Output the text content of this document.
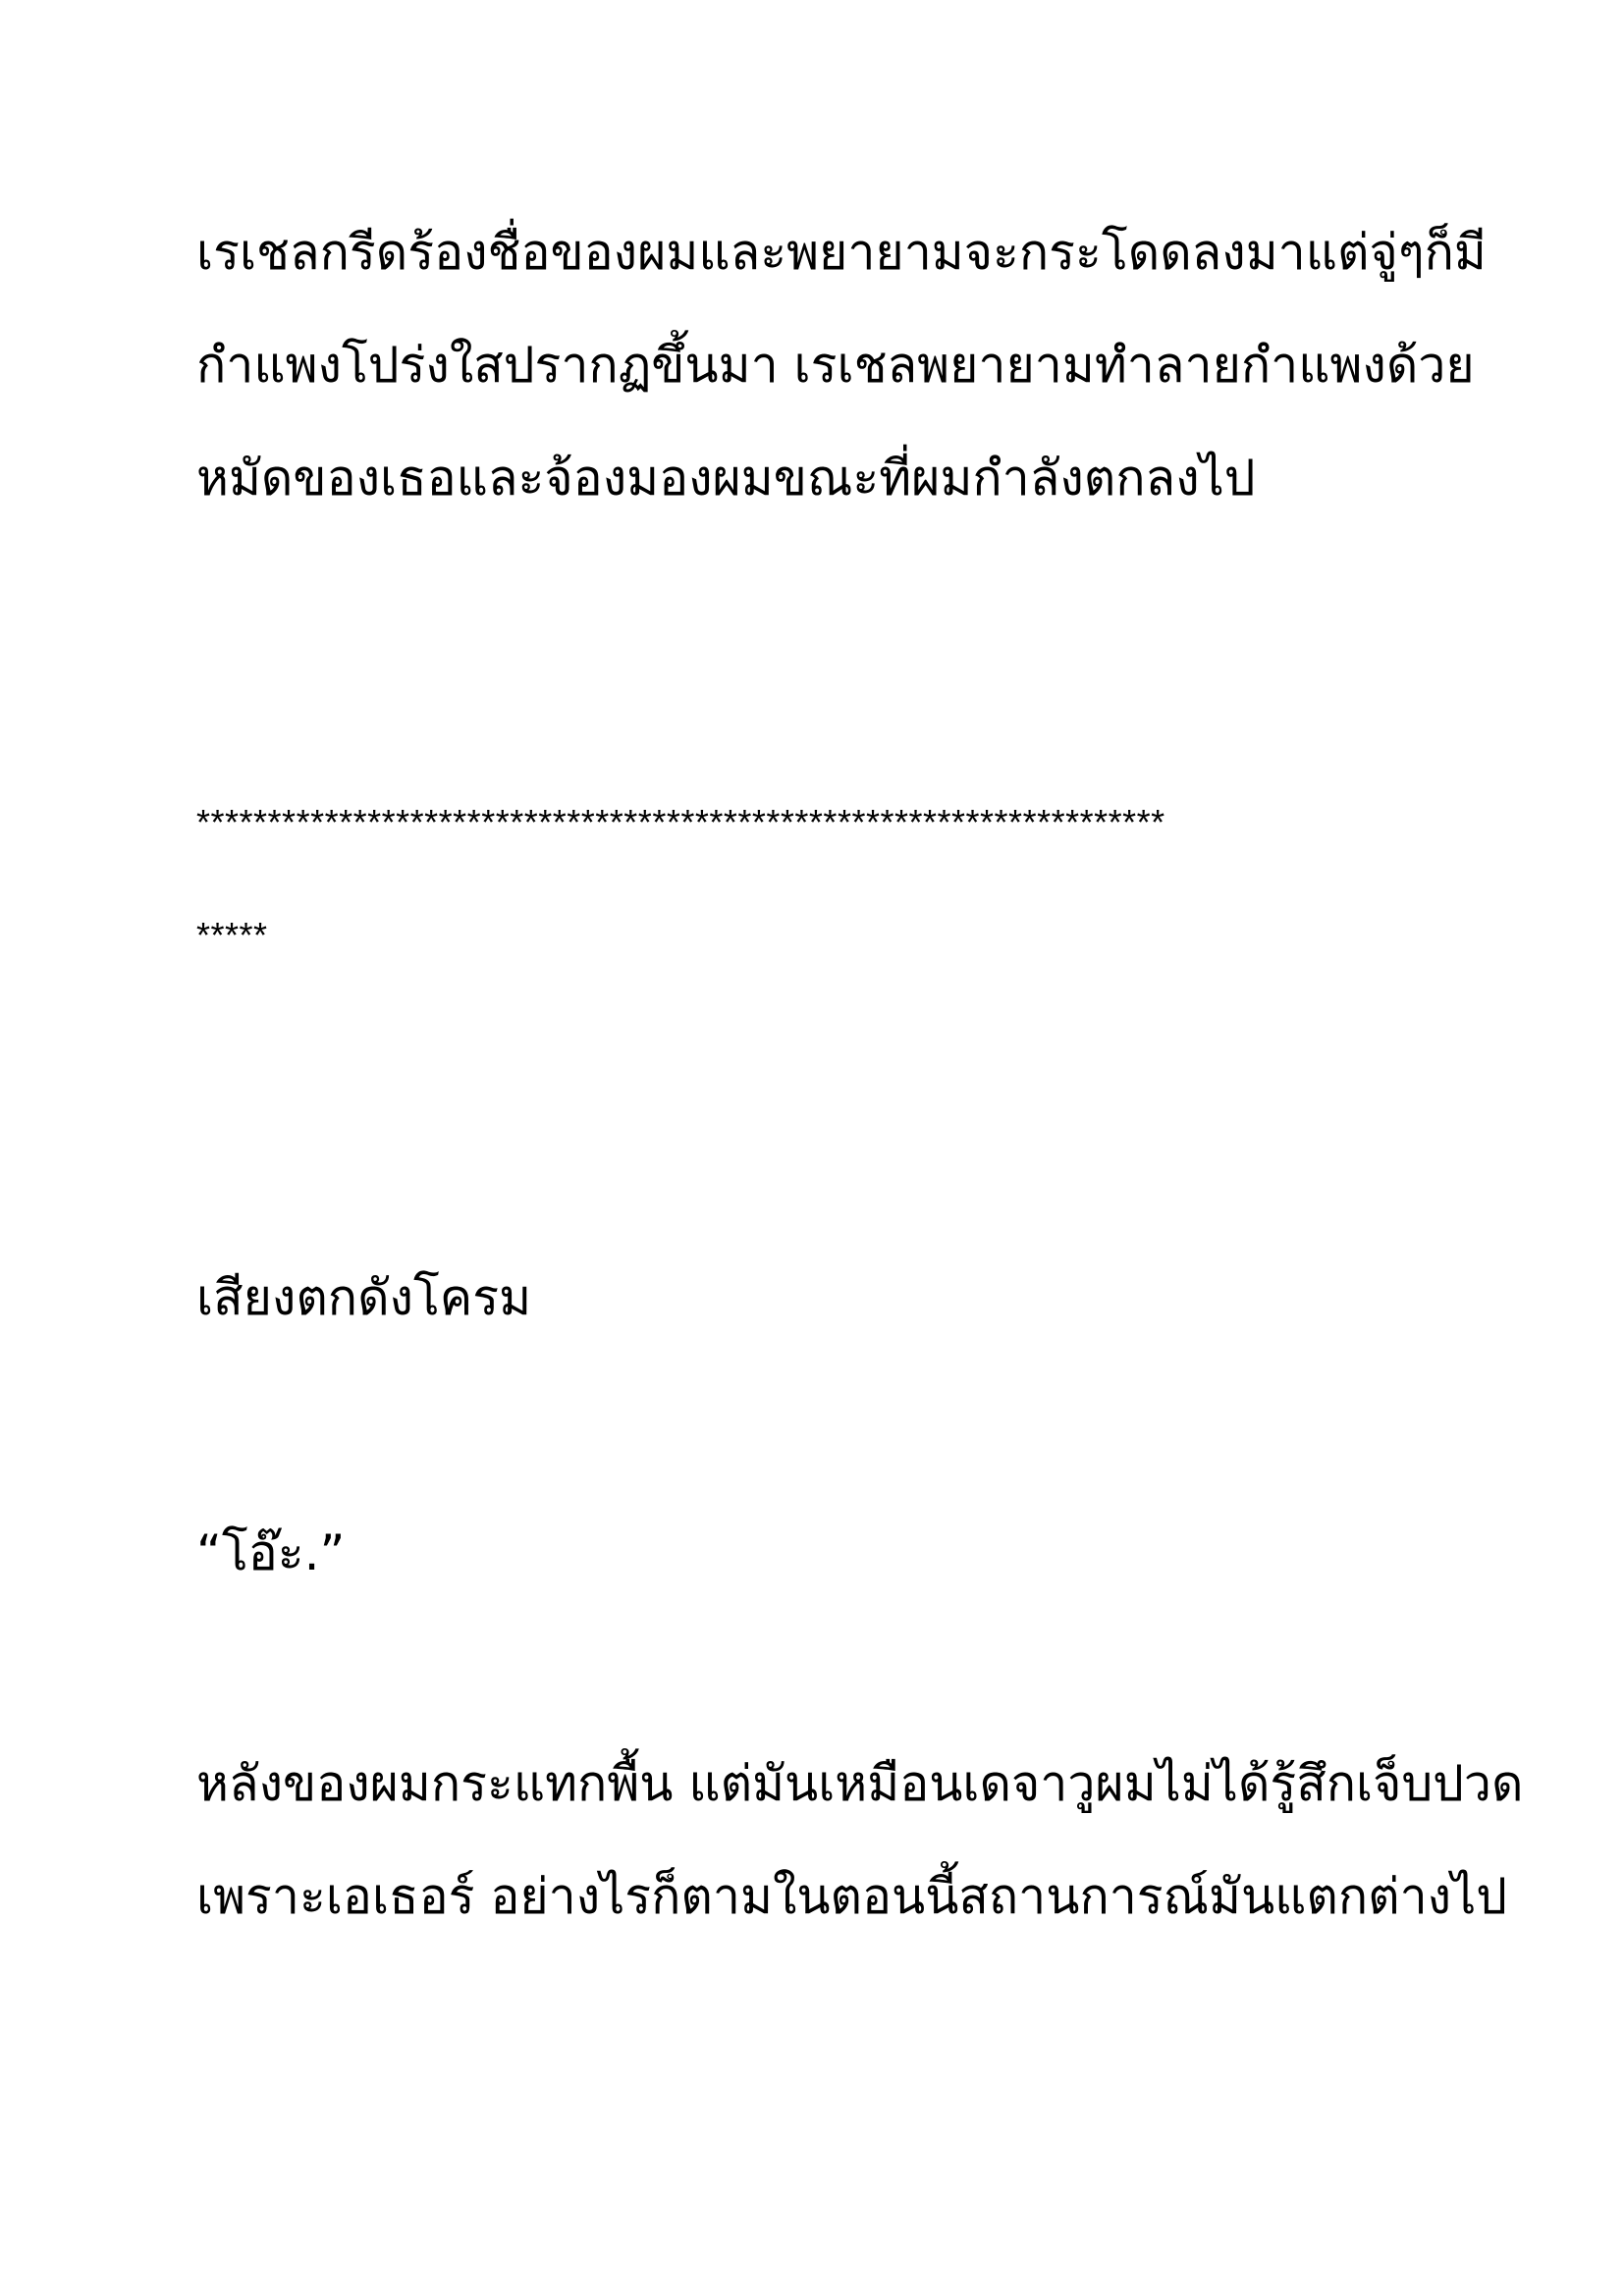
เรเชลกรีดร้องชื่อของผมและพยายามจะกระโดดลงมาแต่จู่ๆก็มี
กำแพงโปร่งใสปรากฏขึ้นมา เรเชลพยายามทำลายกำแพงด้วย
หมัดของเธอและจ้องมองผมขณะที่ผมกำลังตกลงไป
********************************************************************
*****
เสียงตกดังโครม
“โอ๊ะ.”
หลังของผมกระแทกพื้น แต่มันเหมือนเดจาวูผมไม่ได้รู้สึกเจ็บปวด
เพราะเอเธอร์ อย่างไรก็ตามในตอนนี้สถานการณ์มันแตกต่างไป
